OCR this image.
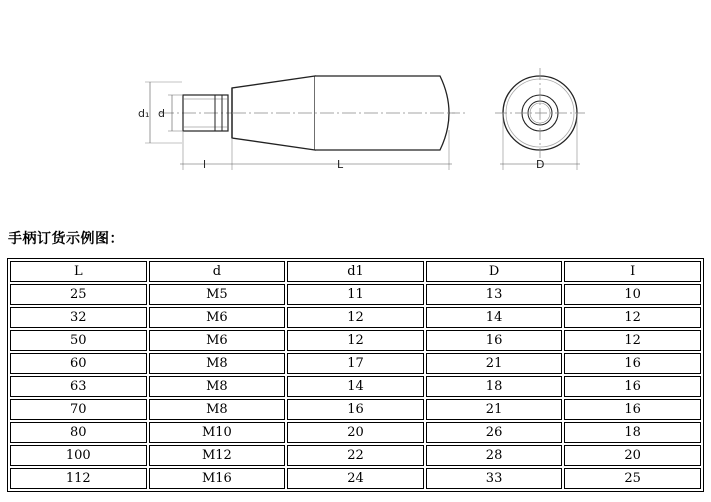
d₁ d
l	L	D
手柄订货示例图：
L	d	d1	D	I
25	M5	11	13	10
32	M6	12	14	12
50	M6	12	16	12
60	M8	17	21	16
63	M8	14	18	16
70	M8	16	21	16
80	M10	20	26	18
100	M12	22	28	20
112	M16	24	33	25
